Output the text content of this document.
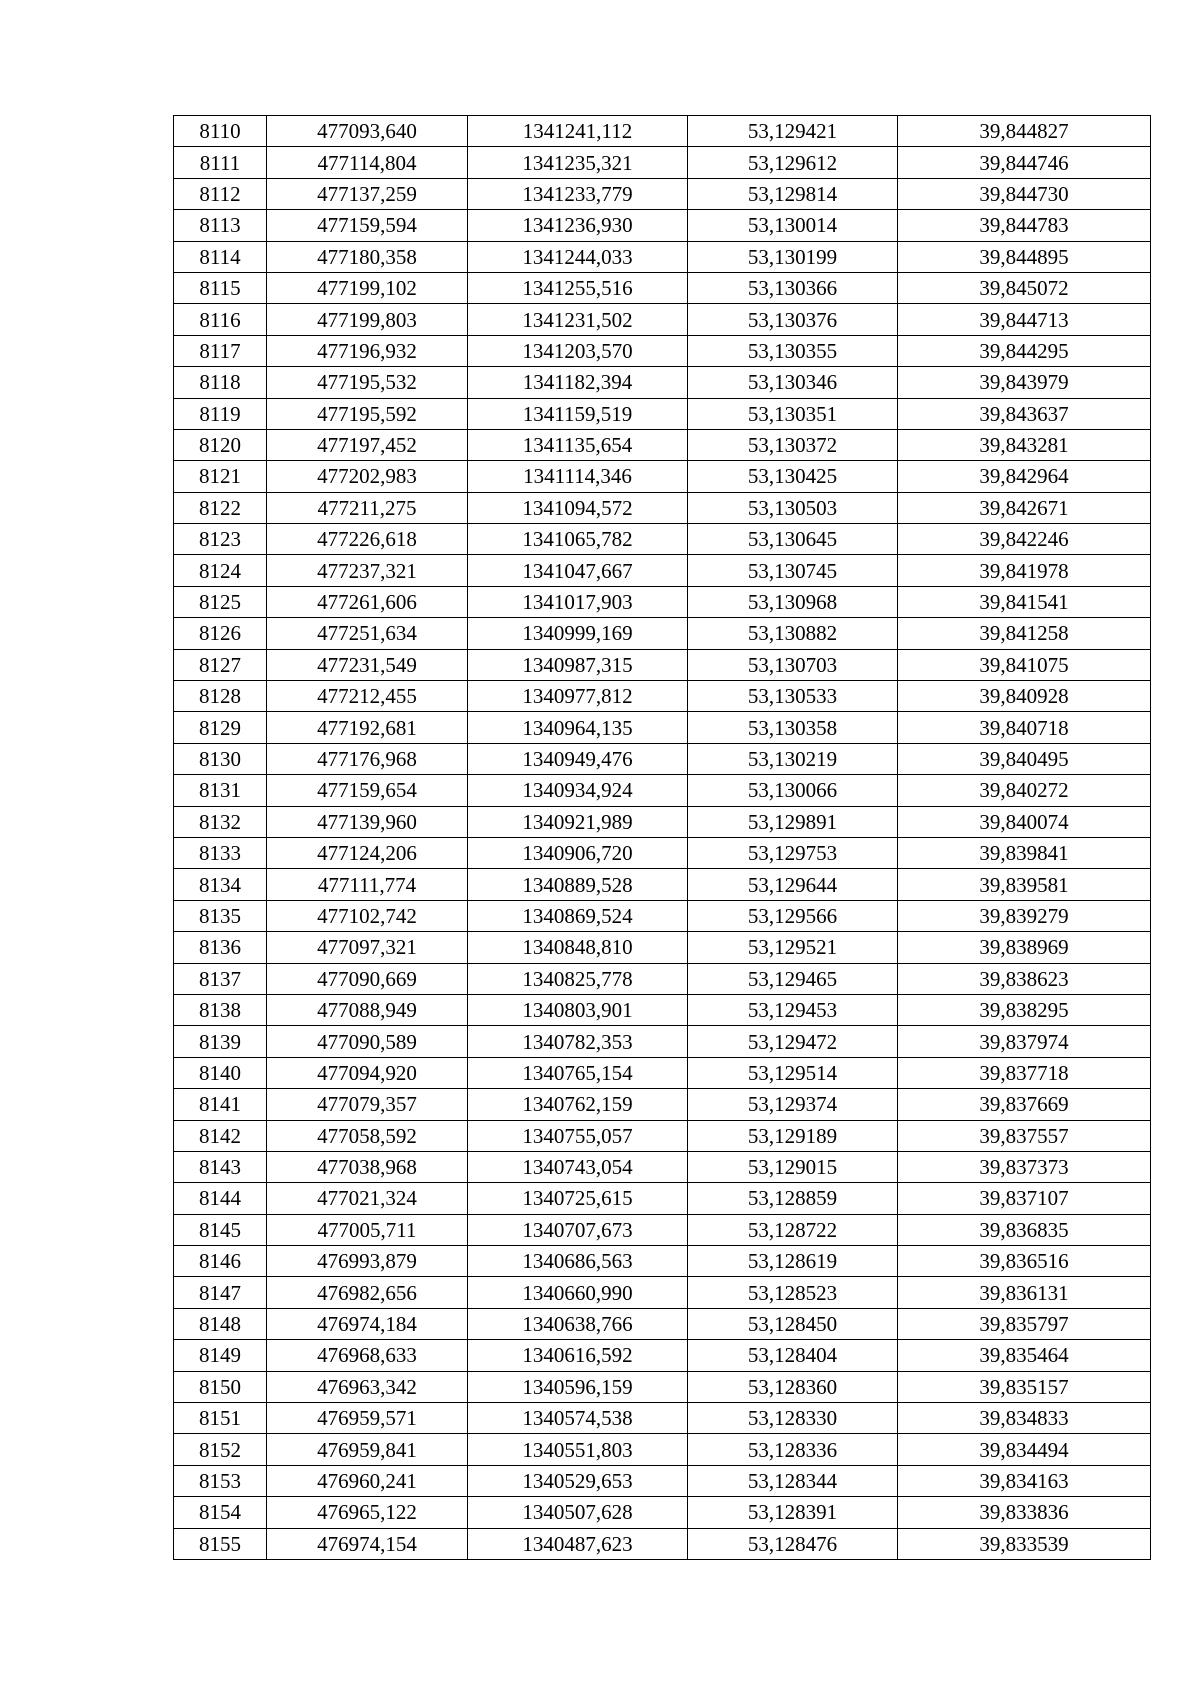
8110	477093,640	1341241,112	53,129421	39,844827
8111	477114,804	1341235,321	53,129612	39,844746
8112	477137,259	1341233,779	53,129814	39,844730
8113	477159,594	1341236,930	53,130014	39,844783
8114	477180,358	1341244,033	53,130199	39,844895
8115	477199,102	1341255,516	53,130366	39,845072
8116	477199,803	1341231,502	53,130376	39,844713
8117	477196,932	1341203,570	53,130355	39,844295
8118	477195,532	1341182,394	53,130346	39,843979
8119	477195,592	1341159,519	53,130351	39,843637
8120	477197,452	1341135,654	53,130372	39,843281
8121	477202,983	1341114,346	53,130425	39,842964
8122	477211,275	1341094,572	53,130503	39,842671
8123	477226,618	1341065,782	53,130645	39,842246
8124	477237,321	1341047,667	53,130745	39,841978
8125	477261,606	1341017,903	53,130968	39,841541
8126	477251,634	1340999,169	53,130882	39,841258
8127	477231,549	1340987,315	53,130703	39,841075
8128	477212,455	1340977,812	53,130533	39,840928
8129	477192,681	1340964,135	53,130358	39,840718
8130	477176,968	1340949,476	53,130219	39,840495
8131	477159,654	1340934,924	53,130066	39,840272
8132	477139,960	1340921,989	53,129891	39,840074
8133	477124,206	1340906,720	53,129753	39,839841
8134	477111,774	1340889,528	53,129644	39,839581
8135	477102,742	1340869,524	53,129566	39,839279
8136	477097,321	1340848,810	53,129521	39,838969
8137	477090,669	1340825,778	53,129465	39,838623
8138	477088,949	1340803,901	53,129453	39,838295
8139	477090,589	1340782,353	53,129472	39,837974
8140	477094,920	1340765,154	53,129514	39,837718
8141	477079,357	1340762,159	53,129374	39,837669
8142	477058,592	1340755,057	53,129189	39,837557
8143	477038,968	1340743,054	53,129015	39,837373
8144	477021,324	1340725,615	53,128859	39,837107
8145	477005,711	1340707,673	53,128722	39,836835
8146	476993,879	1340686,563	53,128619	39,836516
8147	476982,656	1340660,990	53,128523	39,836131
8148	476974,184	1340638,766	53,128450	39,835797
8149	476968,633	1340616,592	53,128404	39,835464
8150	476963,342	1340596,159	53,128360	39,835157
8151	476959,571	1340574,538	53,128330	39,834833
8152	476959,841	1340551,803	53,128336	39,834494
8153	476960,241	1340529,653	53,128344	39,834163
8154	476965,122	1340507,628	53,128391	39,833836
8155	476974,154	1340487,623	53,128476	39,833539
